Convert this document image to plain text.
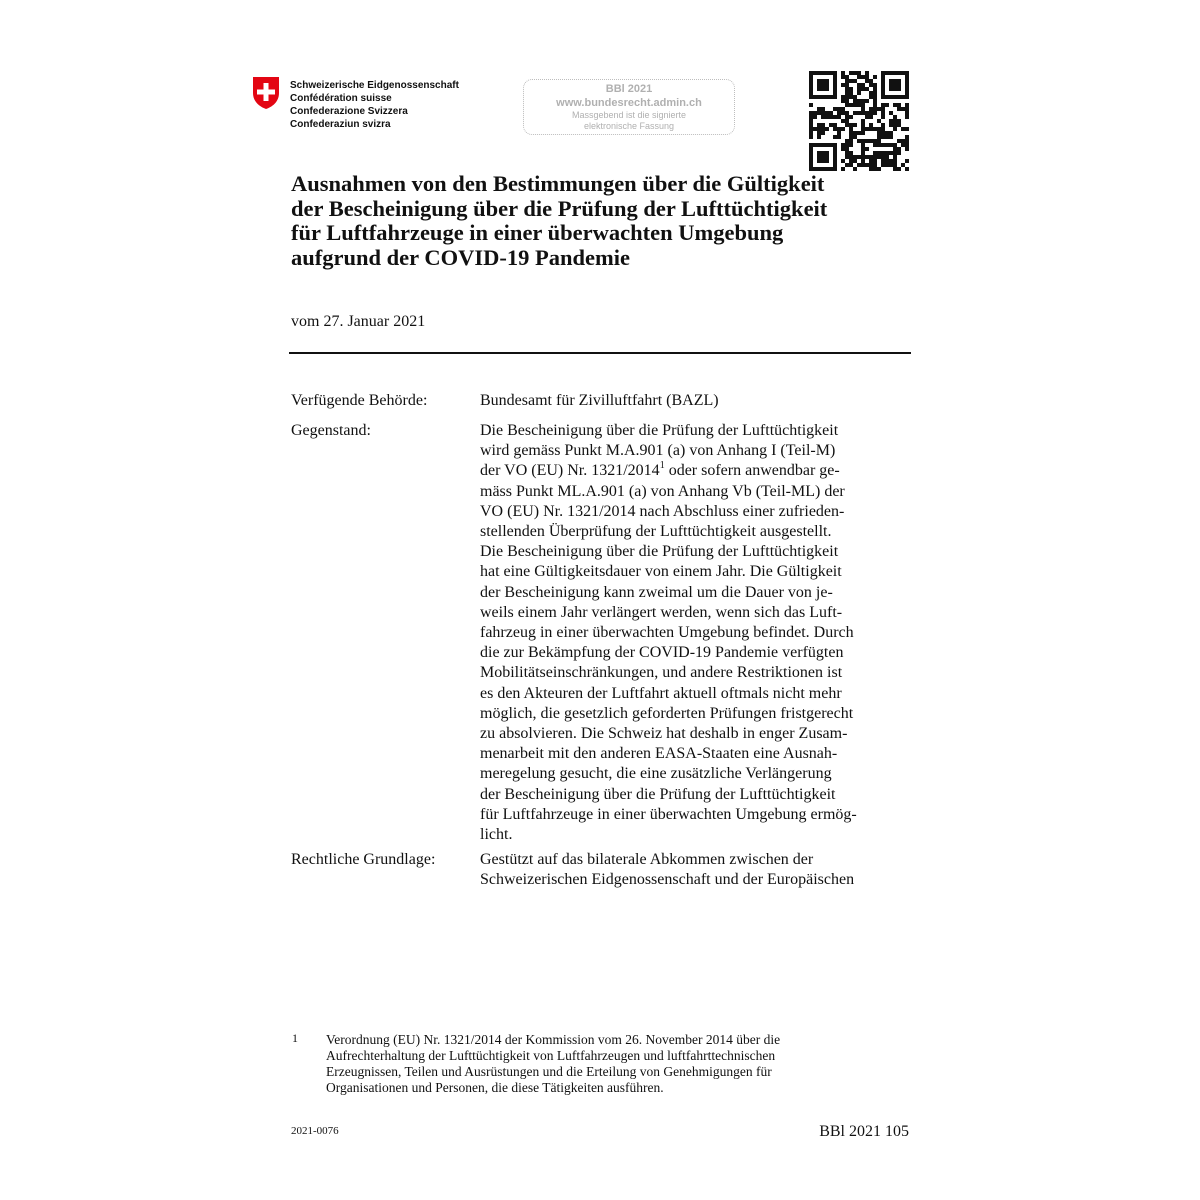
Schweizerische Eidgenossenschaft
Confédération suisse
Confederazione Svizzera
Confederaziun svizra
BBl 2021
www.bundesrecht.admin.ch
Massgebend ist die signierte
elektronische Fassung
Ausnahmen von den Bestimmungen über die Gültigkeit
der Bescheinigung über die Prüfung der Lufttüchtigkeit
für Luftfahrzeuge in einer überwachten Umgebung
aufgrund der COVID-19 Pandemie
vom 27. Januar 2021
Verfügende Behörde:	Bundesamt für Zivilluftfahrt (BAZL)
Gegenstand:	Die Bescheinigung über die Prüfung der Lufttüchtigkeit
wird gemäss Punkt M.A.901 (a) von Anhang I (Teil-M)
der VO (EU) Nr. 1321/2014$^1$ oder sofern anwendbar ge-
mäss Punkt ML.A.901 (a) von Anhang Vb (Teil-ML) der
VO (EU) Nr. 1321/2014 nach Abschluss einer zufrieden-
stellenden Überprüfung der Lufttüchtigkeit ausgestellt.
Die Bescheinigung über die Prüfung der Lufttüchtigkeit
hat eine Gültigkeitsdauer von einem Jahr. Die Gültigkeit
der Bescheinigung kann zweimal um die Dauer von je-
weils einem Jahr verlängert werden, wenn sich das Luft-
fahrzeug in einer überwachten Umgebung befindet. Durch
die zur Bekämpfung der COVID-19 Pandemie verfügten
Mobilitätseinschränkungen, und andere Restriktionen ist
es den Akteuren der Luftfahrt aktuell oftmals nicht mehr
möglich, die gesetzlich geforderten Prüfungen fristgerecht
zu absolvieren. Die Schweiz hat deshalb in enger Zusam-
menarbeit mit den anderen EASA-Staaten eine Ausnah-
meregelung gesucht, die eine zusätzliche Verlängerung
der Bescheinigung über die Prüfung der Lufttüchtigkeit
für Luftfahrzeuge in einer überwachten Umgebung ermög-
licht.
Rechtliche Grundlage:	Gestützt auf das bilaterale Abkommen zwischen der
Schweizerischen Eidgenossenschaft und der Europäischen
1 Verordnung (EU) Nr. 1321/2014 der Kommission vom 26. November 2014 über die
Aufrechterhaltung der Lufttüchtigkeit von Luftfahrzeugen und luftfahrttechnischen
Erzeugnissen, Teilen und Ausrüstungen und die Erteilung von Genehmigungen für
Organisationen und Personen, die diese Tätigkeiten ausführen.
2021-0076	BBl 2021 105
